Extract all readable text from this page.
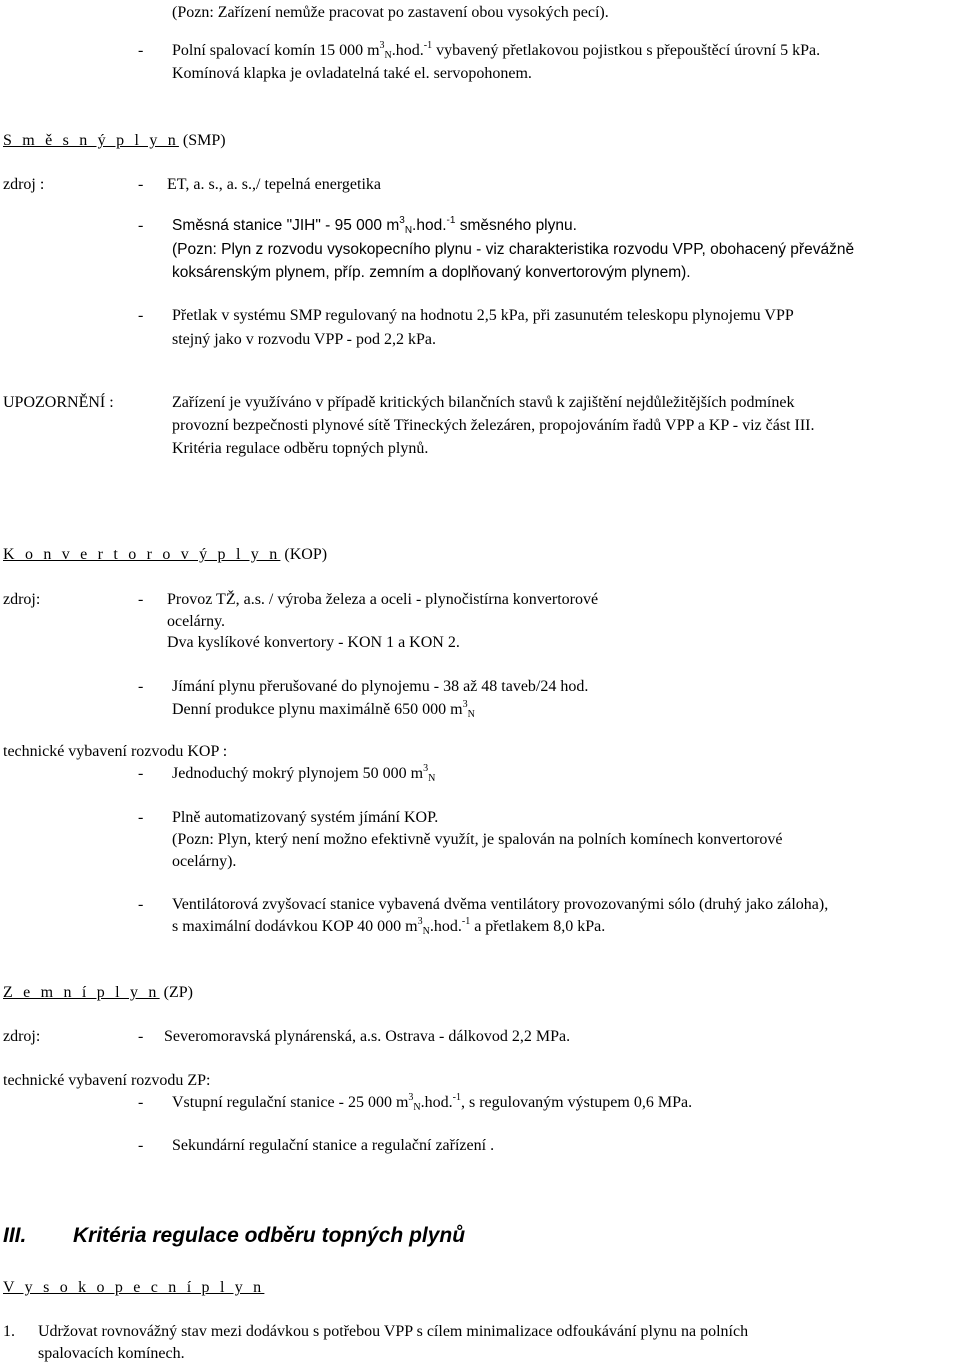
(Pozn: Zařízení nemůže pracovat po zastavení obou vysokých pecí).
- Polní spalovací komín 15 000 $m^3_N.hod.^{-1}$ vybavený přetlakovou pojistkou s přepouštěcí úrovní 5 kPa.
Komínová klapka je ovladatelná také el. servopohonem.
S m ě s n ý p l y n (SMP)
zdroj :	- ET, a. s., a. s.,/ tepelná energetika
- Směsná stanice "JIH" - 95 000 $m^3_N.hod.^{-1}$ směsného plynu.
(Pozn: Plyn z rozvodu vysokopecního plynu - viz charakteristika rozvodu VPP, obohacený převážně
koksárenským plynem, příp. zemním a doplňovaný konvertorovým plynem).
- Přetlak v systému SMP regulovaný na hodnotu 2,5 kPa, při zasunutém teleskopu plynojemu VPP
stejný jako v rozvodu VPP - pod 2,2 kPa.
UPOZORNĚNÍ :	Zařízení je využíváno v případě kritických bilančních stavů k zajištění nejdůležitějších podmínek
provozní bezpečnosti plynové sítě Třineckých železáren, propojováním řadů VPP a KP - viz část III.
Kritéria regulace odběru topných plynů.
K o n v e r t o r o v ý p l y n (KOP)
zdroj:	- Provoz TŽ, a.s. / výroba železa a oceli - plynočistírna konvertorové
ocelárny.
Dva kyslíkové konvertory - KON 1 a KON 2.
- Jímání plynu přerušované do plynojemu - 38 až 48 taveb/24 hod.
Denní produkce plynu maximálně 650 000 $m^3_N$
technické vybavení rozvodu KOP :
- Jednoduchý mokrý plynojem 50 000 $m^3_N$
- Plně automatizovaný systém jímání KOP.
(Pozn: Plyn, který není možno efektivně využít, je spalován na polních komínech konvertorové
ocelárny).
- Ventilátorová zvyšovací stanice vybavená dvěma ventilátory provozovanými sólo (druhý jako záloha),
s maximální dodávkou KOP 40 000 $m^3_N.hod.^{-1}$ a přetlakem 8,0 kPa.
Z e m n í p l y n (ZP)
zdroj:	- Severomoravská plynárenská, a.s. Ostrava - dálkovod 2,2 MPa.
technické vybavení rozvodu ZP:
- Vstupní regulační stanice - 25 000 $m^3_N.hod.^{-1}$, s regulovaným výstupem 0,6 MPa.
- Sekundární regulační stanice a regulační zařízení .
III. Kritéria regulace odběru topných plynů
V y s o k o p e c n í p l y n
1. Udržovat rovnovážný stav mezi dodávkou s potřebou VPP s cílem minimalizace odfoukávání plynu na polních
spalovacích komínech.
